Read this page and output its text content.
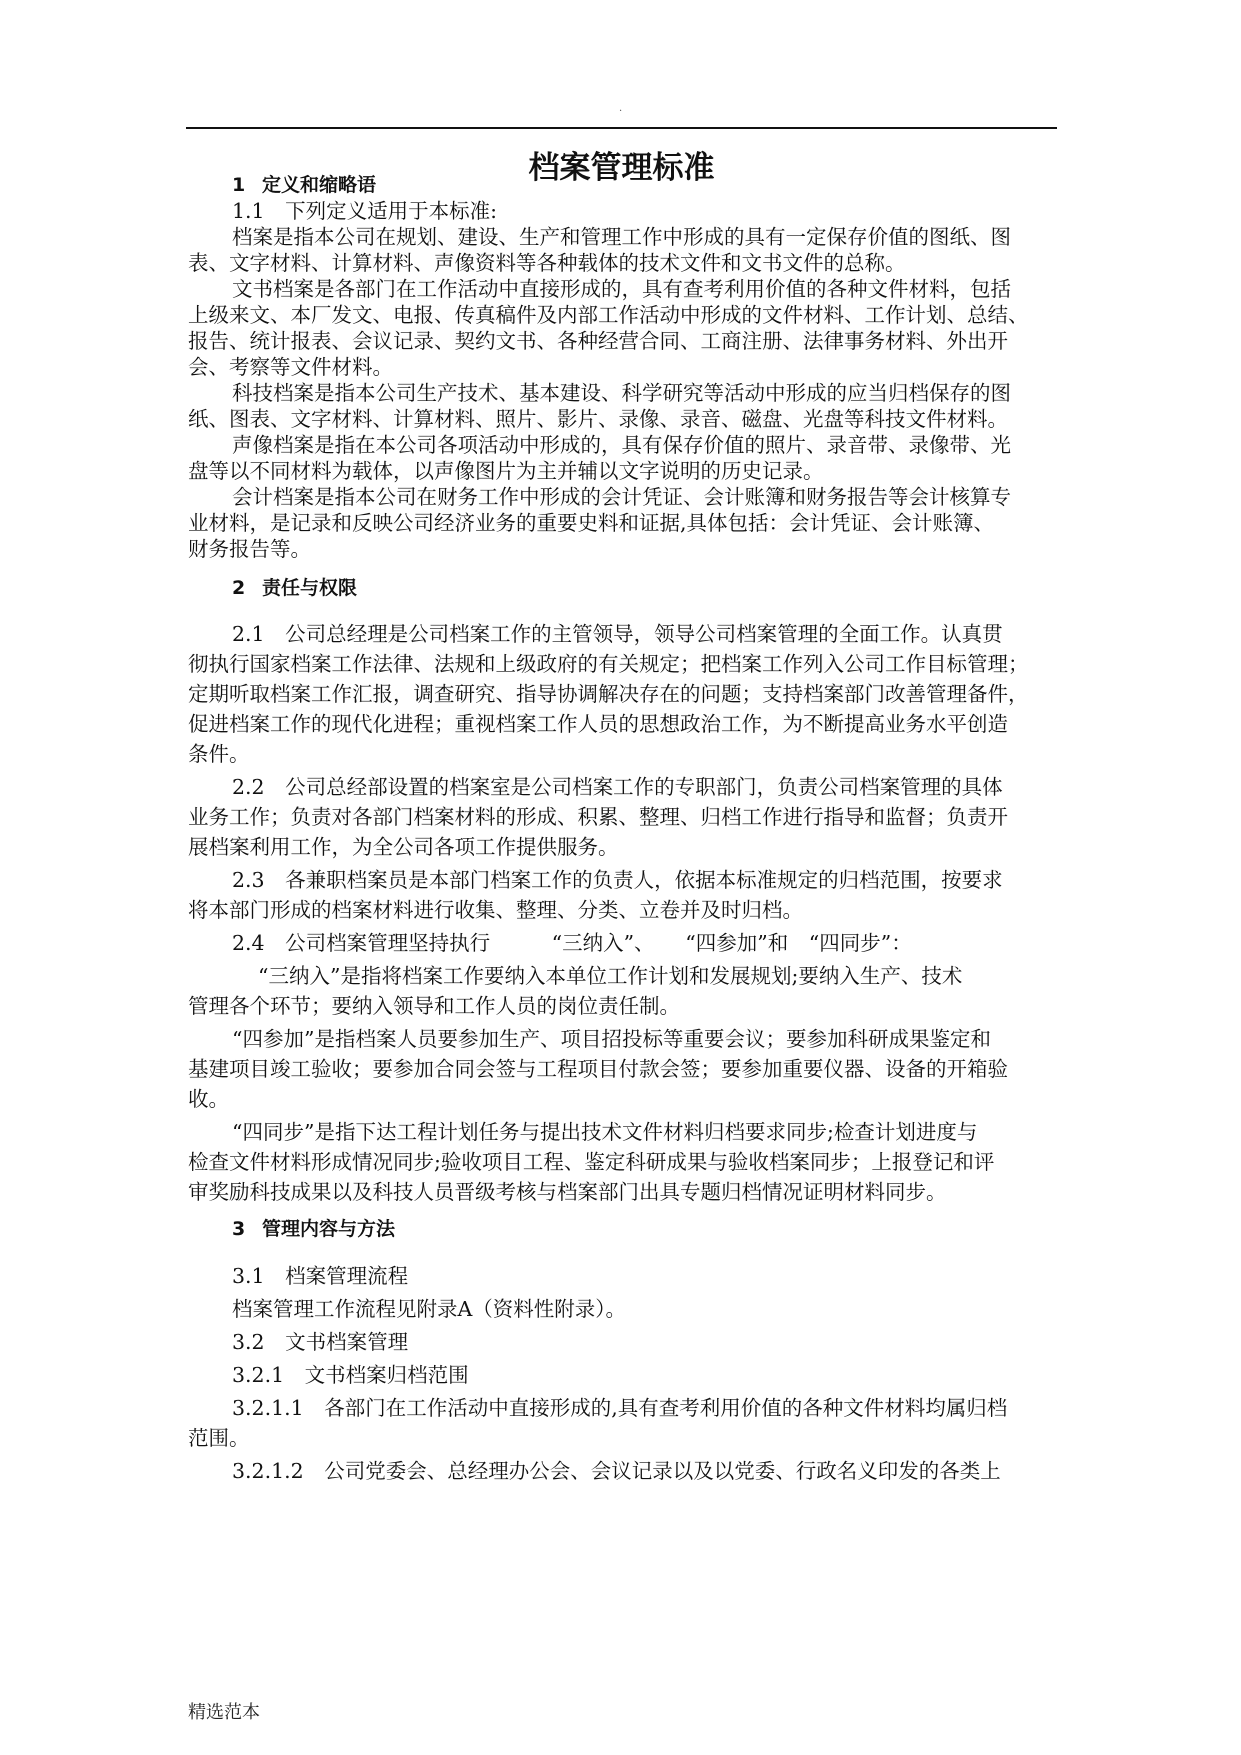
.
档案管理标准
1 定义和缩略语
1.1　下列定义适用于本标准:
档案是指本公司在规划、建设、生产和管理工作中形成的具有一定保存价值的图纸、图
表、文字材料、计算材料、声像资料等各种载体的技术文件和文书文件的总称。
文书档案是各部门在工作活动中直接形成的，具有查考利用价值的各种文件材料，包括
上级来文、本厂发文、电报、传真稿件及内部工作活动中形成的文件材料、工作计划、总结、
报告、统计报表、会议记录、契约文书、各种经营合同、工商注册、法律事务材料、外出开
会、考察等文件材料。
科技档案是指本公司生产技术、基本建设、科学研究等活动中形成的应当归档保存的图
纸、图表、文字材料、计算材料、照片、影片、录像、录音、磁盘、光盘等科技文件材料。
声像档案是指在本公司各项活动中形成的，具有保存价值的照片、录音带、录像带、光
盘等以不同材料为载体，以声像图片为主并辅以文字说明的历史记录。
会计档案是指本公司在财务工作中形成的会计凭证、会计账簿和财务报告等会计核算专
业材料，是记录和反映公司经济业务的重要史料和证据,具体包括：会计凭证、会计账簿、
财务报告等。
2 责任与权限
2.1　公司总经理是公司档案工作的主管领导，领导公司档案管理的全面工作。认真贯
彻执行国家档案工作法律、法规和上级政府的有关规定；把档案工作列入公司工作目标管理；
定期听取档案工作汇报，调查研究、指导协调解决存在的问题；支持档案部门改善管理备件，
促进档案工作的现代化进程；重视档案工作人员的思想政治工作，为不断提高业务水平创造
条件。
2.2　公司总经部设置的档案室是公司档案工作的专职部门，负责公司档案管理的具体
业务工作；负责对各部门档案材料的形成、积累、整理、归档工作进行指导和监督；负责开
展档案利用工作，为全公司各项工作提供服务。
2.3　各兼职档案员是本部门档案工作的负责人，依据本标准规定的归档范围，按要求
将本部门形成的档案材料进行收集、整理、分类、立卷并及时归档。
2.4　公司档案管理坚持执行　　　“三纳入”、　　“四参加”和　“四同步”：
“三纳入”是指将档案工作要纳入本单位工作计划和发展规划;要纳入生产、技术
管理各个环节；要纳入领导和工作人员的岗位责任制。
“四参加”是指档案人员要参加生产、项目招投标等重要会议；要参加科研成果鉴定和
基建项目竣工验收；要参加合同会签与工程项目付款会签；要参加重要仪器、设备的开箱验
收。
“四同步”是指下达工程计划任务与提出技术文件材料归档要求同步;检查计划进度与
检查文件材料形成情况同步;验收项目工程、鉴定科研成果与验收档案同步；上报登记和评
审奖励科技成果以及科技人员晋级考核与档案部门出具专题归档情况证明材料同步。
3 管理内容与方法
3.1　档案管理流程
档案管理工作流程见附录A（资料性附录）。
3.2　文书档案管理
3.2.1　文书档案归档范围
3.2.1.1　各部门在工作活动中直接形成的,具有查考利用价值的各种文件材料均属归档
范围。
3.2.1.2　公司党委会、总经理办公会、会议记录以及以党委、行政名义印发的各类上
精选范本
